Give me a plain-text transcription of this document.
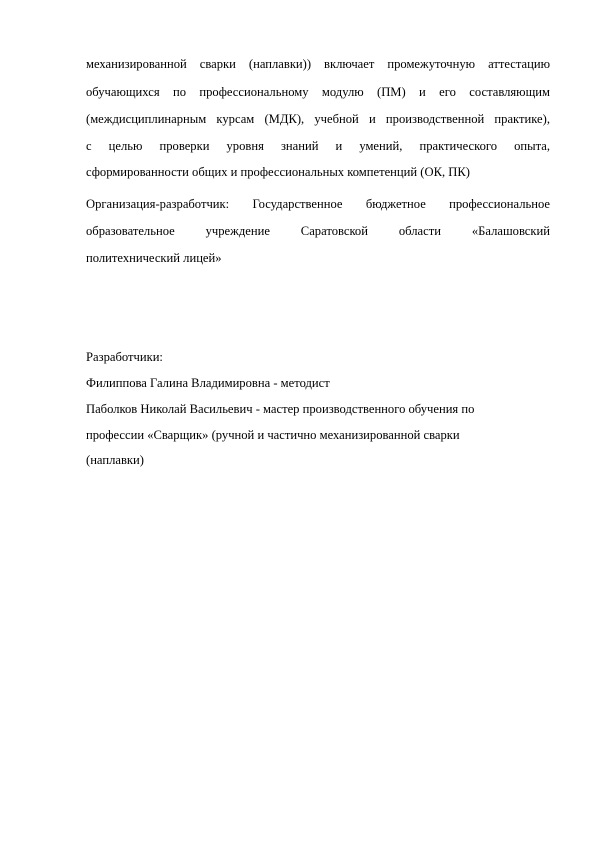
механизированной сварки (наплавки)) включает промежуточную аттестацию
обучающихся по профессиональному модулю (ПМ) и его составляющим
(междисциплинарным курсам (МДК), учебной и производственной практике),
с целью проверки уровня знаний и умений, практического опыта,
сформированности общих и профессиональных компетенций (ОК, ПК)
Организация-разработчик: Государственное бюджетное профессиональное
образовательное учреждение Саратовской области «Балашовский
политехнический лицей»
Разработчики:
Филиппова Галина Владимировна - методист
Паболков Николай Васильевич - мастер производственного обучения по
профессии «Сварщик» (ручной и частично механизированной сварки
(наплавки)
